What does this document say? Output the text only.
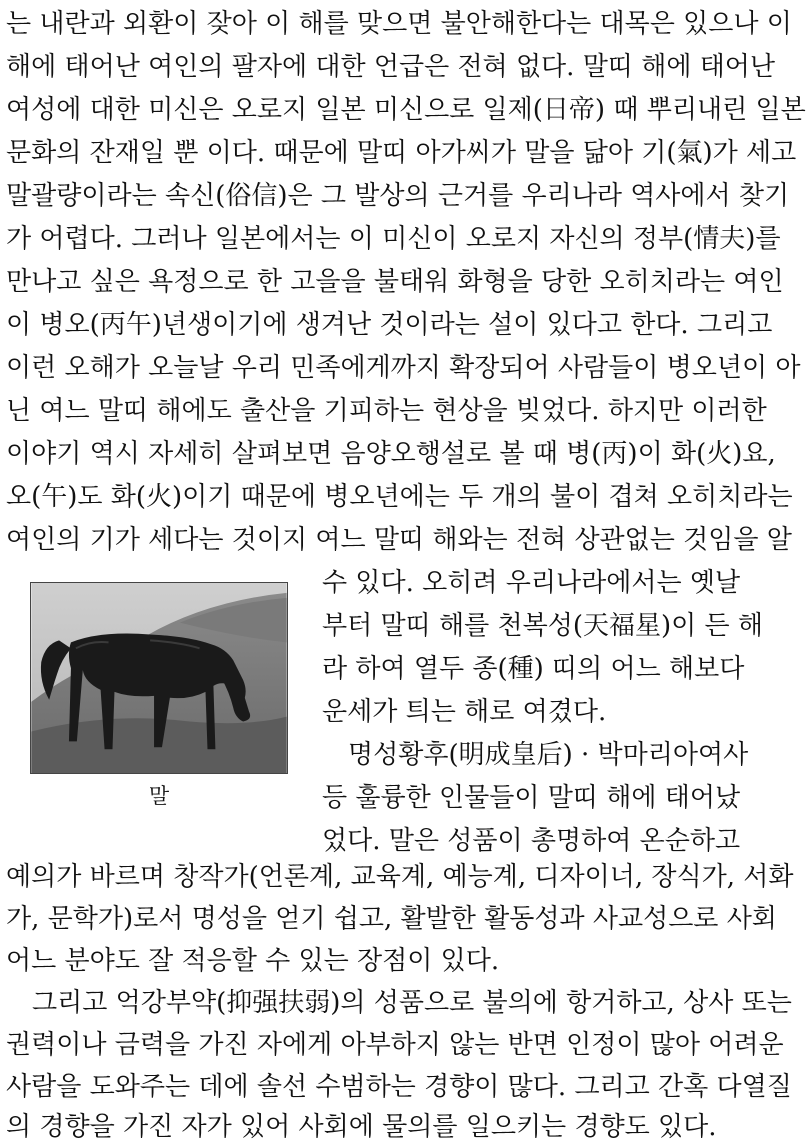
는 내란과 외환이 잦아 이 해를 맞으면 불안해한다는 대목은 있으나 이
해에 태어난 여인의 팔자에 대한 언급은 전혀 없다. 말띠 해에 태어난
여성에 대한 미신은 오로지 일본 미신으로 일제(日帝) 때 뿌리내린 일본
문화의 잔재일 뿐 이다. 때문에 말띠 아가씨가 말을 닮아 기(氣)가 세고
말괄량이라는 속신(俗信)은 그 발상의 근거를 우리나라 역사에서 찾기
가 어렵다. 그러나 일본에서는 이 미신이 오로지 자신의 정부(情夫)를
만나고 싶은 욕정으로 한 고을을 불태워 화형을 당한 오히치라는 여인
이 병오(丙午)년생이기에 생겨난 것이라는 설이 있다고 한다. 그리고
이런 오해가 오늘날 우리 민족에게까지 확장되어 사람들이 병오년이 아
닌 여느 말띠 해에도 출산을 기피하는 현상을 빚었다. 하지만 이러한
이야기 역시 자세히 살펴보면 음양오행설로 볼 때 병(丙)이 화(火)요,
오(午)도 화(火)이기 때문에 병오년에는 두 개의 불이 겹쳐 오히치라는
여인의 기가 세다는 것이지 여느 말띠 해와는 전혀 상관없는 것임을 알
수 있다. 오히려 우리나라에서는 옛날
부터 말띠 해를 천복성(天福星)이 든 해
라 하여 열두 종(種) 띠의 어느 해보다
운세가 틔는 해로 여겼다.
　명성황후(明成皇后) · 박마리아여사
등 훌륭한 인물들이 말띠 해에 태어났
었다. 말은 성품이 총명하여 온순하고
말
예의가 바르며 창작가(언론계, 교육계, 예능계, 디자이너, 장식가, 서화
가, 문학가)로서 명성을 얻기 쉽고, 활발한 활동성과 사교성으로 사회
어느 분야도 잘 적응할 수 있는 장점이 있다.
　그리고 억강부약(抑强扶弱)의 성품으로 불의에 항거하고, 상사 또는
권력이나 금력을 가진 자에게 아부하지 않는 반면 인정이 많아 어려운
사람을 도와주는 데에 솔선 수범하는 경향이 많다. 그리고 간혹 다열질
의 경향을 가진 자가 있어 사회에 물의를 일으키는 경향도 있다.
